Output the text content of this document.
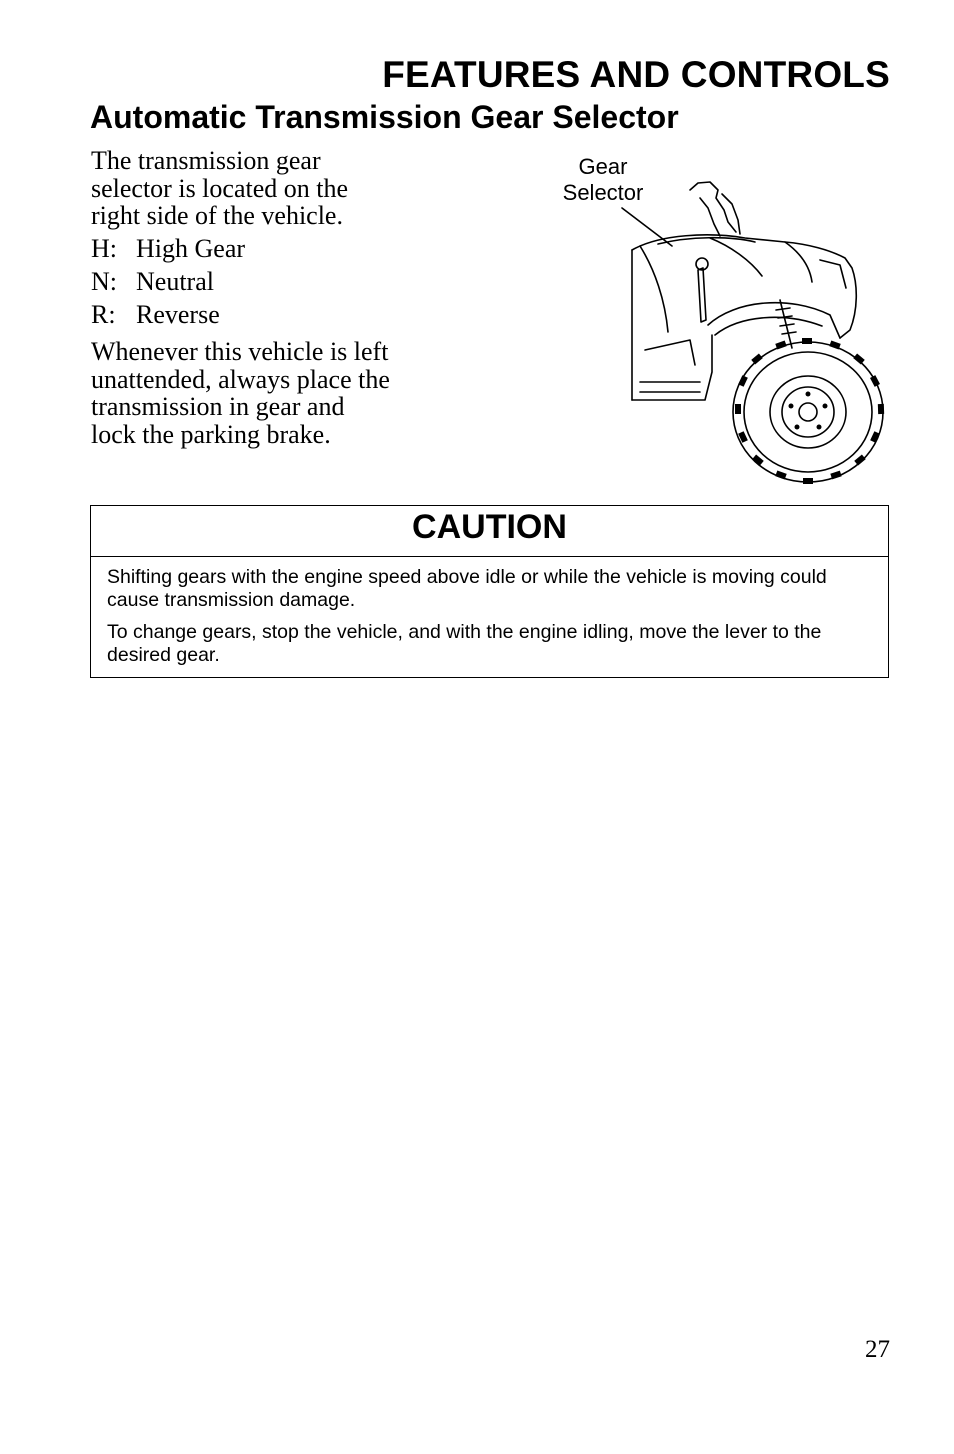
FEATURES AND CONTROLS
Automatic Transmission Gear Selector

The transmission gear selector is located on the right side of the vehicle.

H: High Gear
N: Neutral
R: Reverse

Whenever this vehicle is left unattended, always place the transmission in gear and lock the parking brake.

Gear
Selector
CAUTION

Shifting gears with the engine speed above idle or while the vehicle is moving could cause transmission damage.

To change gears, stop the vehicle, and with the engine idling, move the lever to the desired gear.

27
